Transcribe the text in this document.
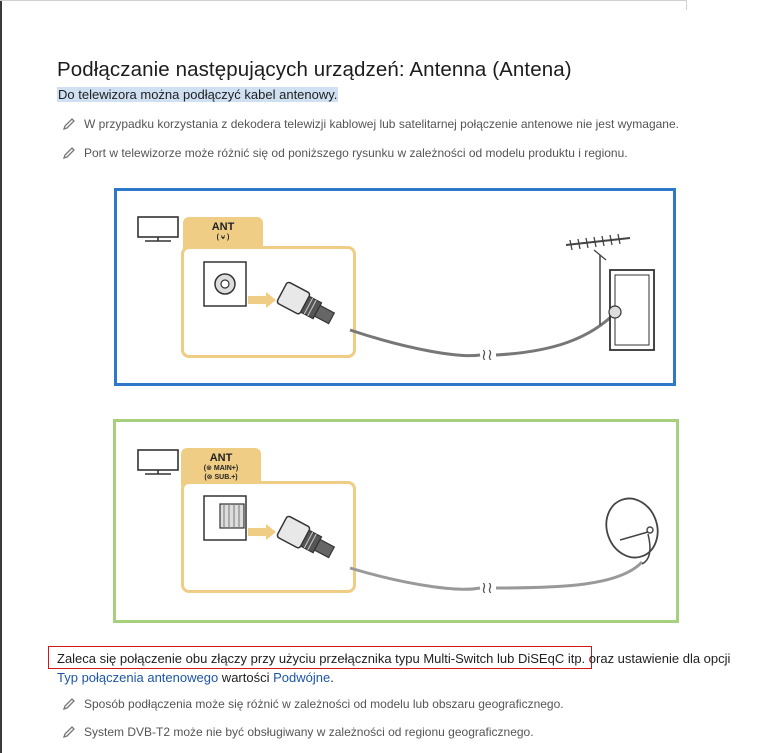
Podłączanie następujących urządzeń: Antenna (Antena)
Do telewizora można podłączyć kabel antenowy.
W przypadku korzystania z dekodera telewizji kablowej lub satelitarnej połączenie antenowe nie jest wymagane.
Port w telewizorze może różnić się od poniższego rysunku w zależności od modelu produktu i regionu.
ANT
( ⍱ )
≀≀
ANT
(⊗ MAIN+)
(⊗ SUB.+)
≀≀
Zaleca się połączenie obu złączy przy użyciu przełącznika typu Multi-Switch lub DiSEqC itp. oraz ustawienie dla opcji
Typ połączenia antenowego wartości Podwójne.
Sposób podłączenia może się różnić w zależności od modelu lub obszaru geograficznego.
System DVB-T2 może nie być obsługiwany w zależności od regionu geograficznego.
